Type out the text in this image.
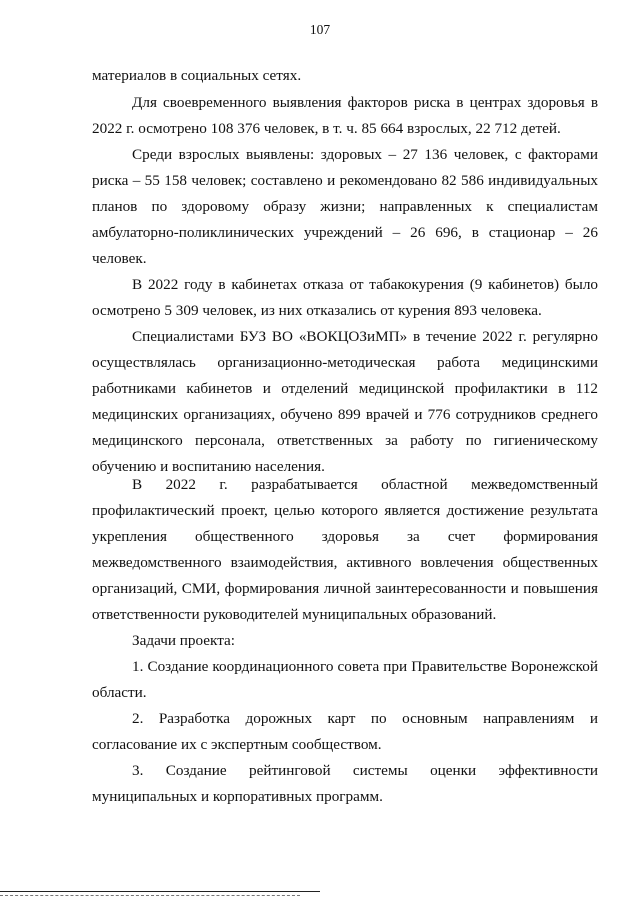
107

материалов в социальных сетях.

Для своевременного выявления факторов риска в центрах здоровья в 2022 г. осмотрено 108 376 человек, в т. ч. 85 664 взрослых, 22 712 детей.

Среди взрослых выявлены: здоровых – 27 136 человек, с факторами риска – 55 158 человек; составлено и рекомендовано 82 586 индивидуальных планов по здоровому образу жизни; направленных к специалистам амбулаторно-поликлинических учреждений – 26 696, в стационар – 26 человек.

В 2022 году в кабинетах отказа от табакокурения (9 кабинетов) было осмотрено 5 309 человек, из них отказались от курения 893 человека.

Специалистами БУЗ ВО «ВОКЦОЗиМП» в течение 2022 г. регулярно осуществлялась организационно-методическая работа медицинскими работниками кабинетов и отделений медицинской профилактики в 112 медицинских организациях, обучено 899 врачей и 776 сотрудников среднего медицинского персонала, ответственных за работу по гигиеническому обучению и воспитанию населения.

В 2022 г. разрабатывается областной межведомственный профилактический проект, целью которого является достижение результата укрепления общественного здоровья за счет формирования межведомственного взаимодействия, активного вовлечения общественных организаций, СМИ, формирования личной заинтересованности и повышения ответственности руководителей муниципальных образований.

Задачи проекта:

1. Создание координационного совета при Правительстве Воронежской области.

2. Разработка дорожных карт по основным направлениям и согласование их с экспертным сообществом.

3. Создание рейтинговой системы оценки эффективности муниципальных и корпоративных программ.
